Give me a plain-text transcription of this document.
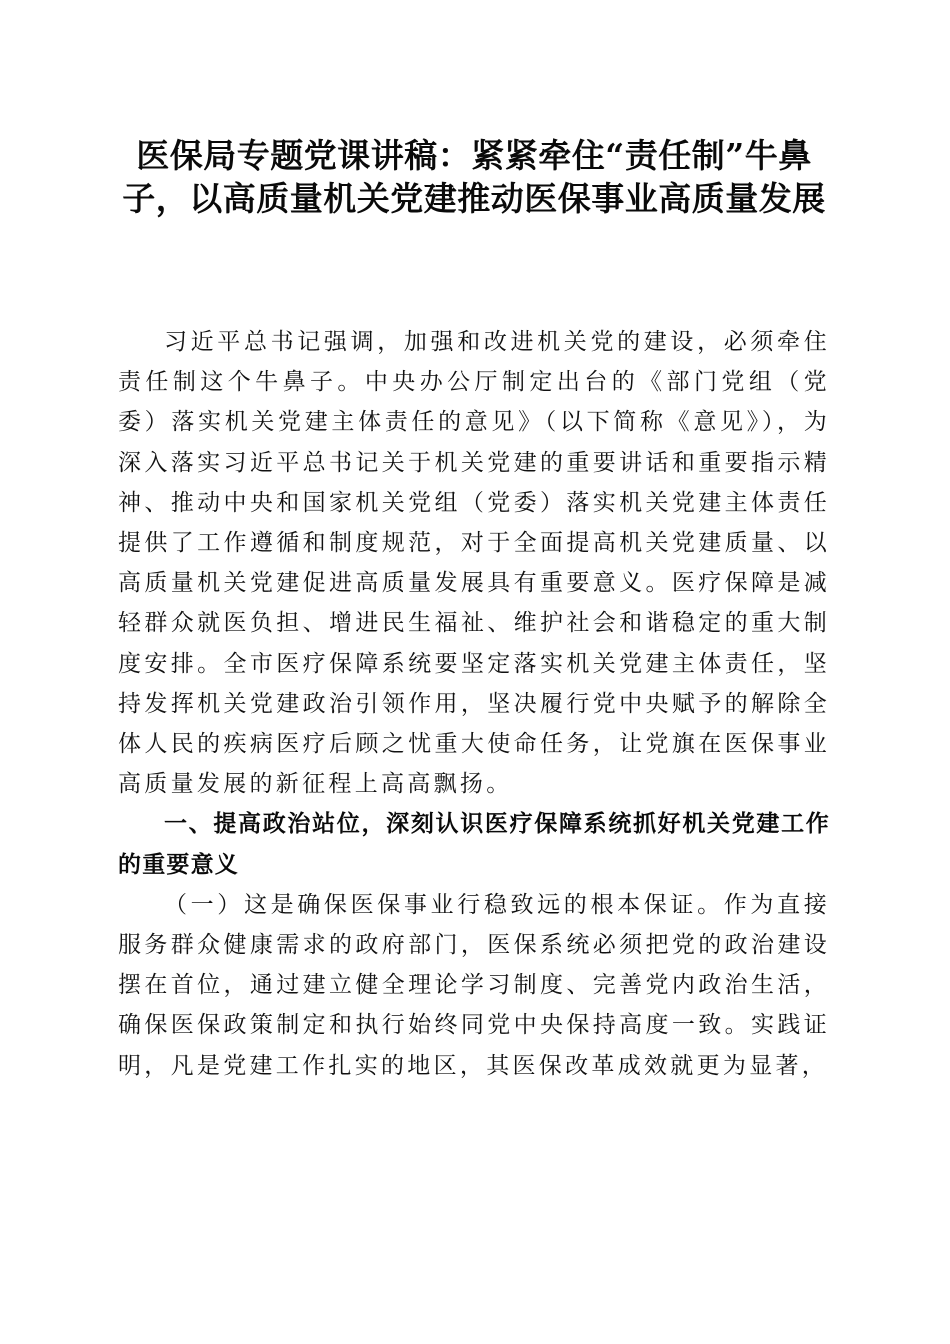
医保局专题党课讲稿：紧紧牵住“责任制”牛鼻子，以高质量机关党建推动医保事业高质量发展

习近平总书记强调，加强和改进机关党的建设，必须牵住责任制这个牛鼻子。中央办公厅制定出台的《部门党组（党委）落实机关党建主体责任的意见》（以下简称《意见》），为深入落实习近平总书记关于机关党建的重要讲话和重要指示精神、推动中央和国家机关党组（党委）落实机关党建主体责任提供了工作遵循和制度规范，对于全面提高机关党建质量、以高质量机关党建促进高质量发展具有重要意义。医疗保障是减轻群众就医负担、增进民生福祉、维护社会和谐稳定的重大制度安排。全市医疗保障系统要坚定落实机关党建主体责任，坚持发挥机关党建政治引领作用，坚决履行党中央赋予的解除全体人民的疾病医疗后顾之忧重大使命任务，让党旗在医保事业高质量发展的新征程上高高飘扬。

一、提高政治站位，深刻认识医疗保障系统抓好机关党建工作的重要意义

（一）这是确保医保事业行稳致远的根本保证。作为直接服务群众健康需求的政府部门，医保系统必须把党的政治建设摆在首位，通过建立健全理论学习制度、完善党内政治生活，确保医保政策制定和执行始终同党中央保持高度一致。实践证明，凡是党建工作扎实的地区，其医保改革成效就更为显著，
